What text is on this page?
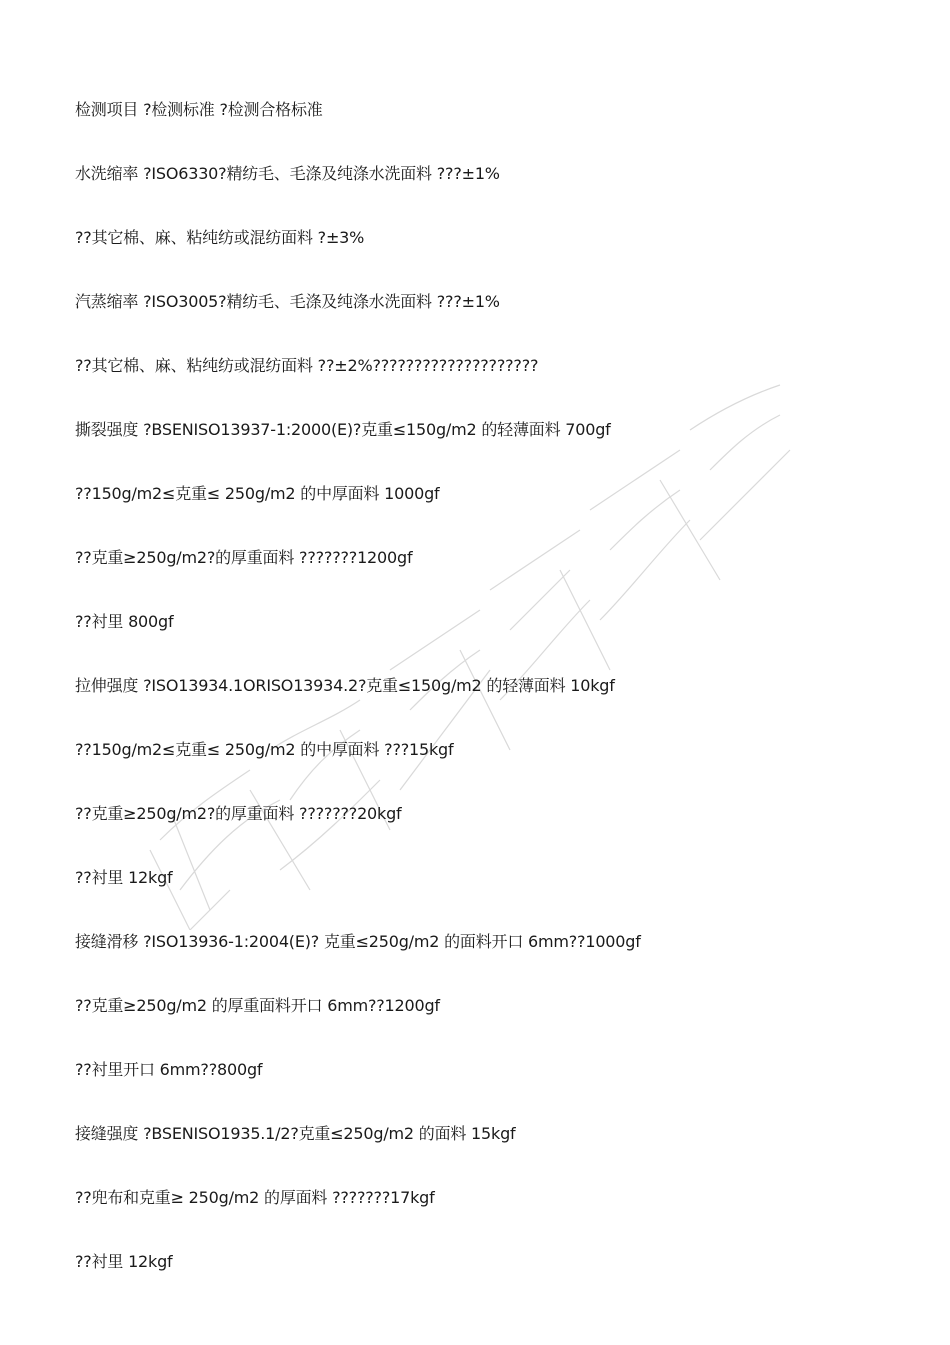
检测项目 ?检测标准 ?检测合格标准
水洗缩率 ?ISO6330?精纺毛、毛涤及纯涤水洗面料 ???±1%
??其它棉、麻、粘纯纺或混纺面料 ?±3%
汽蒸缩率 ?ISO3005?精纺毛、毛涤及纯涤水洗面料 ???±1%
??其它棉、麻、粘纯纺或混纺面料 ??±2%????????????????????
撕裂强度 ?BSENISO13937-1:2000(E)?克重≤150g/m2 的轻薄面料 700gf
??150g/m2≤克重≤ 250g/m2 的中厚面料 1000gf
??克重≥250g/m2?的厚重面料 ???????1200gf
??衬里 800gf
拉伸强度 ?ISO13934.1ORISO13934.2?克重≤150g/m2 的轻薄面料 10kgf
??150g/m2≤克重≤ 250g/m2 的中厚面料 ???15kgf
??克重≥250g/m2?的厚重面料 ???????20kgf
??衬里 12kgf
接缝滑移 ?ISO13936-1:2004(E)? 克重≤250g/m2 的面料开口 6mm??1000gf
??克重≥250g/m2 的厚重面料开口 6mm??1200gf
??衬里开口 6mm??800gf
接缝强度 ?BSENISO1935.1/2?克重≤250g/m2 的面料 15kgf
??兜布和克重≥ 250g/m2 的厚面料 ???????17kgf
??衬里 12kgf
